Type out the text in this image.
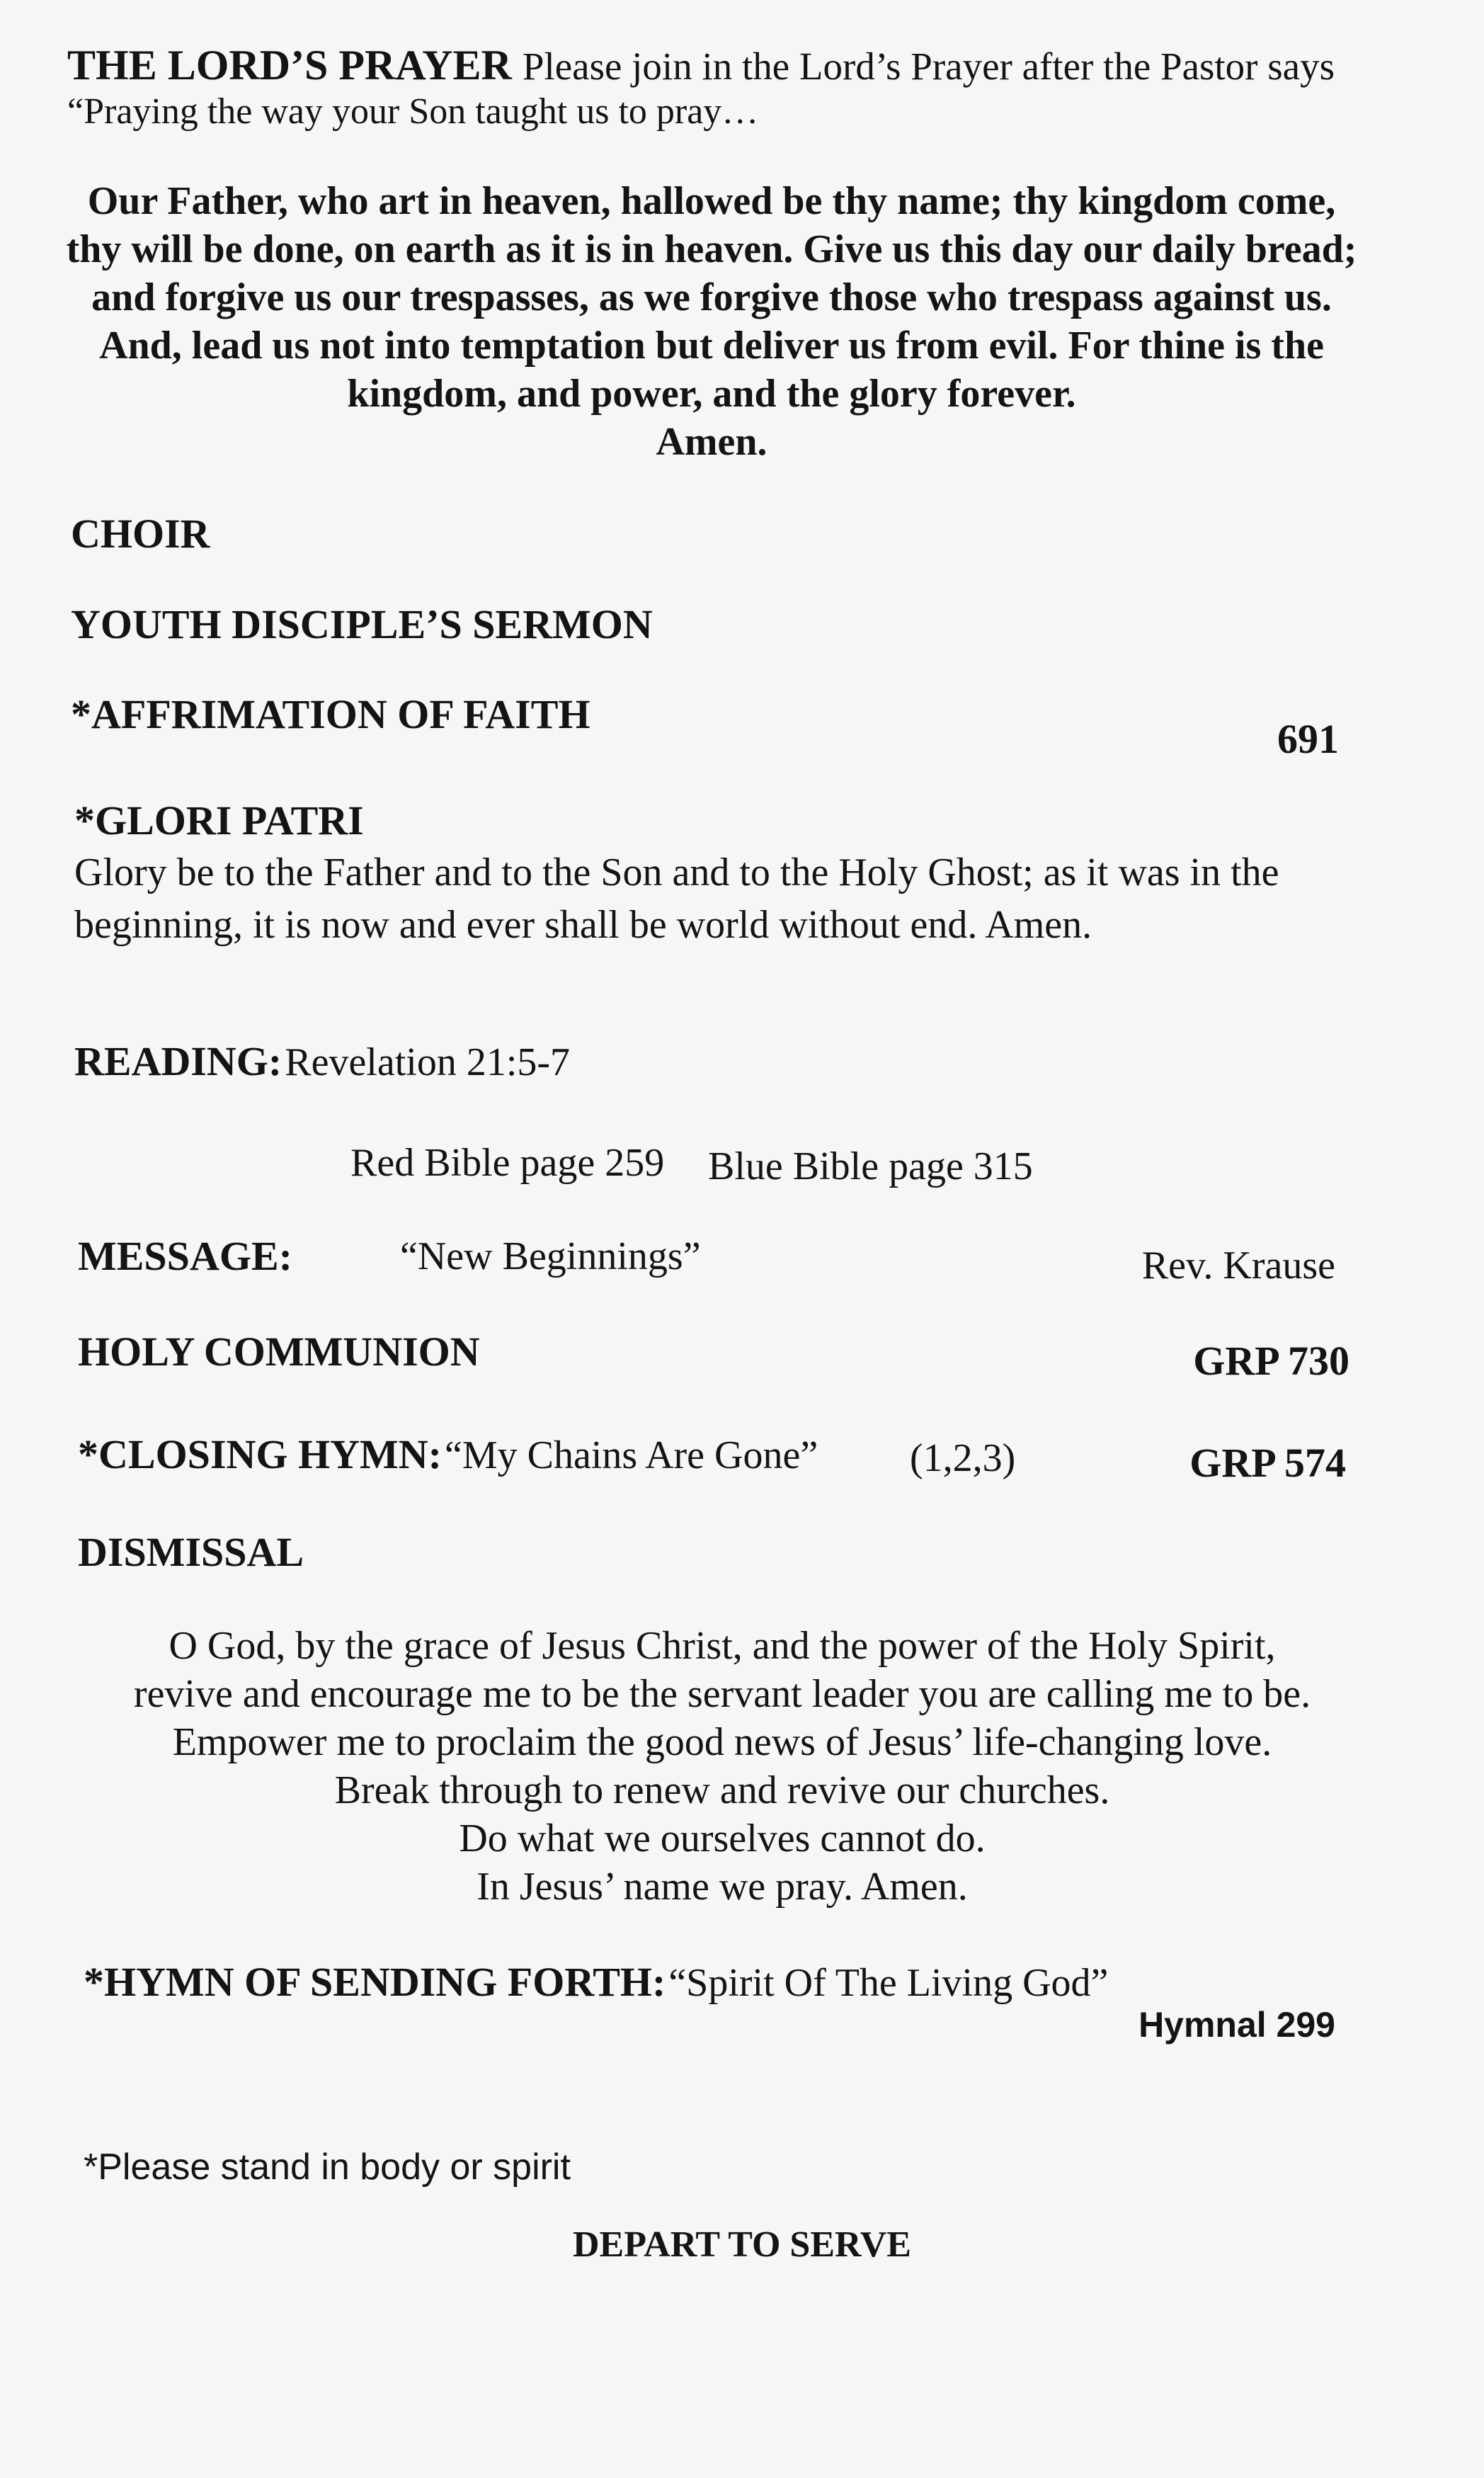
THE LORD’S PRAYER Please join in the Lord’s Prayer after the Pastor says
“Praying the way your Son taught us to pray…
Our Father, who art in heaven, hallowed be thy name; thy kingdom come, thy will be done, on earth as it is in heaven. Give us this day our daily bread; and forgive us our trespasses, as we forgive those who trespass against us. And, lead us not into temptation but deliver us from evil. For thine is the kingdom, and power, and the glory forever.
Amen.
CHOIR
YOUTH DISCIPLE’S SERMON
*AFFRIMATION OF FAITH
691
*GLORI PATRI
Glory be to the Father and to the Son and to the Holy Ghost; as it was in the beginning, it is now and ever shall be world without end. Amen.
READING: Revelation 21:5-7
Red Bible page 259 Blue Bible page 315
MESSAGE:	“New Beginnings”	Rev. Krause
HOLY COMMUNION	GRP 730
*CLOSING HYMN: “My Chains Are Gone” (1,2,3)	GRP 574
DISMISSAL
O God, by the grace of Jesus Christ, and the power of the Holy Spirit,
revive and encourage me to be the servant leader you are calling me to be.
Empower me to proclaim the good news of Jesus’ life-changing love.
Break through to renew and revive our churches.
Do what we ourselves cannot do.
In Jesus’ name we pray. Amen.
*HYMN OF SENDING FORTH: “Spirit Of The Living God”
Hymnal 299
*Please stand in body or spirit
DEPART TO SERVE
